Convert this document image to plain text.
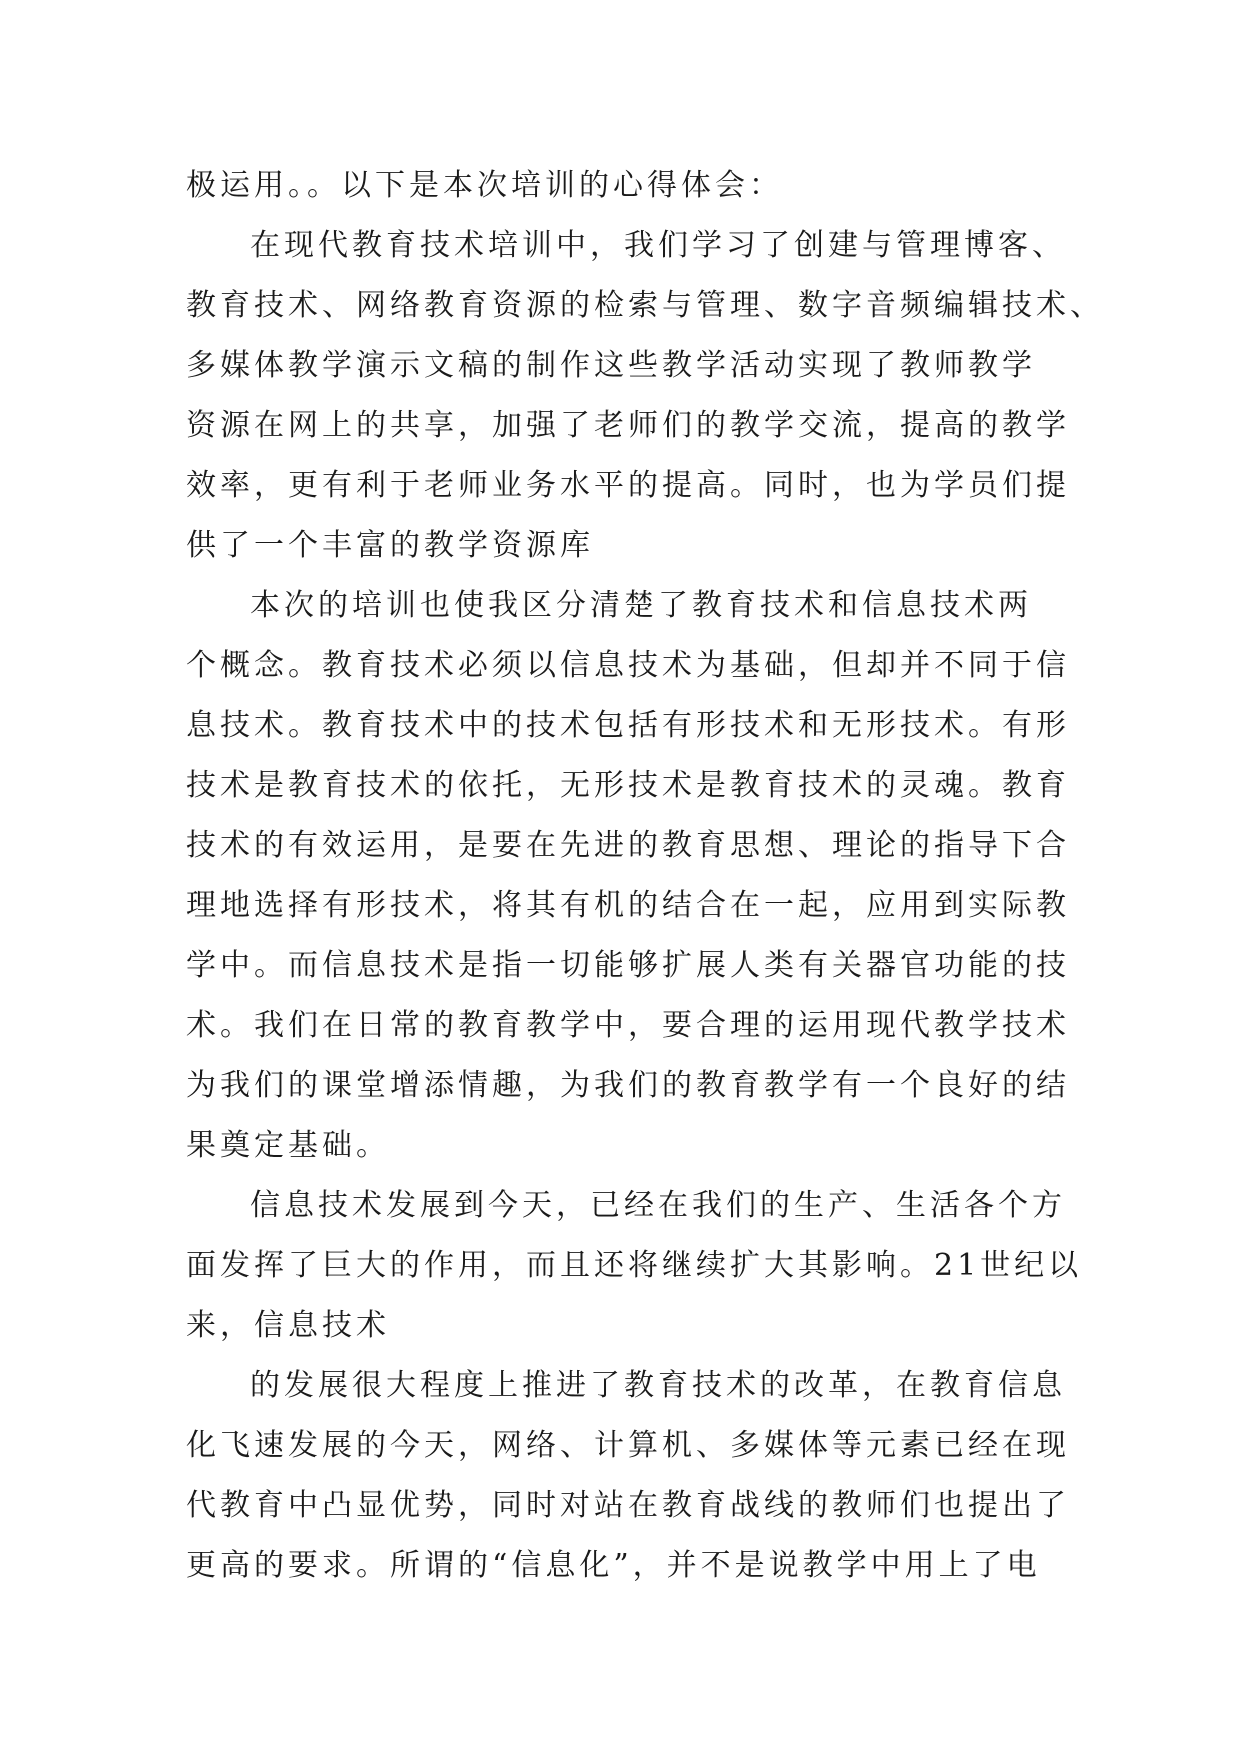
极运用。。以下是本次培训的心得体会：
在现代教育技术培训中，我们学习了创建与管理博客、
教育技术、网络教育资源的检索与管理、数字音频编辑技术、
多媒体教学演示文稿的制作这些教学活动实现了教师教学
资源在网上的共享，加强了老师们的教学交流，提高的教学
效率，更有利于老师业务水平的提高。同时，也为学员们提
供了一个丰富的教学资源库
本次的培训也使我区分清楚了教育技术和信息技术两
个概念。教育技术必须以信息技术为基础，但却并不同于信
息技术。教育技术中的技术包括有形技术和无形技术。有形
技术是教育技术的依托，无形技术是教育技术的灵魂。教育
技术的有效运用，是要在先进的教育思想、理论的指导下合
理地选择有形技术，将其有机的结合在一起，应用到实际教
学中。而信息技术是指一切能够扩展人类有关器官功能的技
术。我们在日常的教育教学中，要合理的运用现代教学技术
为我们的课堂增添情趣，为我们的教育教学有一个良好的结
果奠定基础。
信息技术发展到今天，已经在我们的生产、生活各个方
面发挥了巨大的作用，而且还将继续扩大其影响。21世纪以
来，信息技术
的发展很大程度上推进了教育技术的改革，在教育信息
化飞速发展的今天，网络、计算机、多媒体等元素已经在现
代教育中凸显优势，同时对站在教育战线的教师们也提出了
更高的要求。所谓的“信息化”，并不是说教学中用上了电
